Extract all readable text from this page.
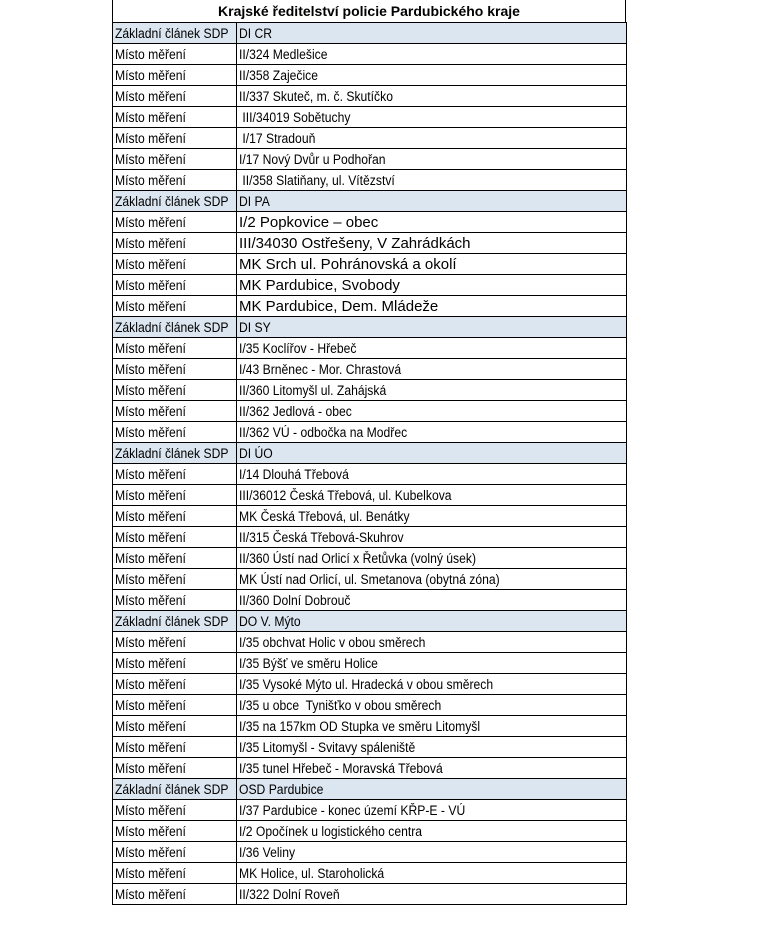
Krajské ředitelství policie Pardubického kraje
Základní článek SDP	DI CR
Místo měření	II/324 Medlešice
Místo měření	II/358 Zaječice
Místo měření	II/337 Skuteč, m. č. Skutíčko
Místo měření	III/34019 Sobětuchy
Místo měření	I/17 Stradouň
Místo měření	I/17 Nový Dvůr u Podhořan
Místo měření	II/358 Slatiňany, ul. Vítězství
Základní článek SDP	DI PA
Místo měření	I/2 Popkovice – obec
Místo měření	III/34030 Ostřešeny, V Zahrádkách
Místo měření	MK Srch ul. Pohránovská a okolí
Místo měření	MK Pardubice, Svobody
Místo měření	MK Pardubice, Dem. Mládeže
Základní článek SDP	DI SY
Místo měření	I/35 Koclířov - Hřebeč
Místo měření	I/43 Brněnec - Mor. Chrastová
Místo měření	II/360 Litomyšl ul. Zahájská
Místo měření	II/362 Jedlová - obec
Místo měření	II/362 VÚ - odbočka na Modřec
Základní článek SDP	DI ÚO
Místo měření	I/14 Dlouhá Třebová
Místo měření	III/36012 Česká Třebová, ul. Kubelkova
Místo měření	MK Česká Třebová, ul. Benátky
Místo měření	II/315 Česká Třebová-Skuhrov
Místo měření	II/360 Ústí nad Orlicí x Řetůvka (volný úsek)
Místo měření	MK Ústí nad Orlicí, ul. Smetanova (obytná zóna)
Místo měření	II/360 Dolní Dobrouč
Základní článek SDP	DO V. Mýto
Místo měření	I/35 obchvat Holic v obou směrech
Místo měření	I/35 Býšť ve směru Holice
Místo měření	I/35 Vysoké Mýto ul. Hradecká v obou směrech
Místo měření	I/35 u obce  Tynišťko v obou směrech
Místo měření	I/35 na 157km OD Stupka ve směru Litomyšl
Místo měření	I/35 Litomyšl - Svitavy spáleniště
Místo měření	I/35 tunel Hřebeč - Moravská Třebová
Základní článek SDP	OSD Pardubice
Místo měření	I/37 Pardubice - konec území KŘP-E - VÚ
Místo měření	I/2 Opočínek u logistického centra
Místo měření	I/36 Veliny
Místo měření	MK Holice, ul. Staroholická
Místo měření	II/322 Dolní Roveň
